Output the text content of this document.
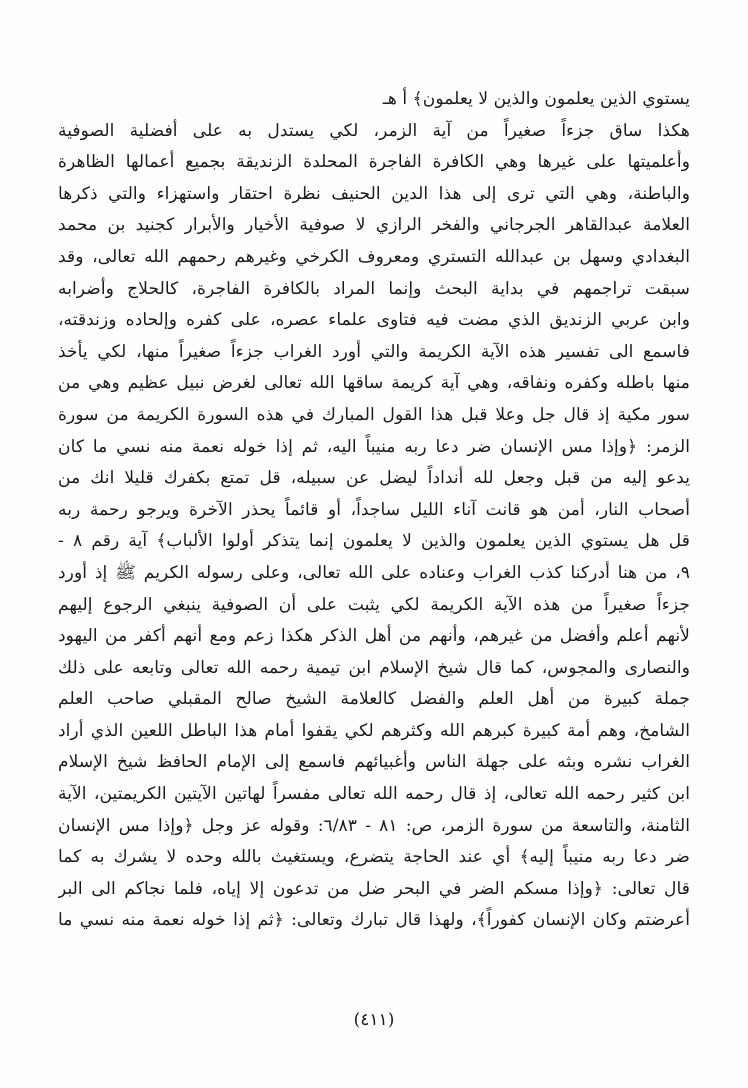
يستوي الذين يعلمون والذين لا يعلمون﴾ أ هـ
هكذا ساق جزءاً صغيراً من آية الزمر، لكي يستدل به على أفضلية الصوفية
وأعلميتها على غيرها وهي الكافرة الفاجرة المحلدة الزنديقة بجميع أعمالها الظاهرة
والباطنة، وهي التي ترى إلى هذا الدين الحنيف نظرة احتقار واستهزاء والتي ذكرها
العلامة عبدالقاهر الجرجاني والفخر الرازي لا صوفية الأخيار والأبرار كجنيد بن محمد
البغدادي وسهل بن عبدالله التستري ومعروف الكرخي وغيرهم رحمهم الله تعالى، وقد
سبقت تراجمهم في بداية البحث وإنما المراد بالكافرة الفاجرة، كالحلاج وأضرابه
وابن عربي الزنديق الذي مضت فيه فتاوى علماء عصره، على كفره وإلحاده وزندقته،
فاسمع الى تفسير هذه الآية الكريمة والتي أورد الغراب جزءاً صغيراً منها، لكي يأخذ
منها باطله وكفره ونفاقه، وهي آية كريمة ساقها الله تعالى لغرض نبيل عظيم وهي من
سور مكية إذ قال جل وعلا قبل هذا القول المبارك في هذه السورة الكريمة من سورة
الزمر: ﴿وإذا مس الإنسان ضر دعا ربه منيباً اليه، ثم إذا خوله نعمة منه نسي ما كان
يدعو إليه من قبل وجعل لله أنداداً ليضل عن سبيله، قل تمتع بكفرك قليلا انك من
أصحاب النار، أمن هو قانت آناء الليل ساجداً، أو قائماً يحذر الآخرة ويرجو رحمة ربه
قل هل يستوي الذين يعلمون والذين لا يعلمون إنما يتذكر أولوا الألباب﴾ آية رقم ٨ -
٩، من هنا أدركنا كذب الغراب وعناده على الله تعالى، وعلى رسوله الكريم ﷺ إذ أورد
جزءاً صغيراً من هذه الآية الكريمة لكي يثبت على أن الصوفية ينبغي الرجوع إليهم
لأنهم أعلم وأفضل من غيرهم، وأنهم من أهل الذكر هكذا زعم ومع أنهم أكفر من اليهود
والنصارى والمجوس، كما قال شيخ الإسلام ابن تيمية رحمه الله تعالى وتابعه على ذلك
جملة كبيرة من أهل العلم والفضل كالعلامة الشيخ صالح المقبلي صاحب العلم
الشامخ، وهم أمة كبيرة كبرهم الله وكثرهم لكي يقفوا أمام هذا الباطل اللعين الذي أراد
الغراب نشره وبثه على جهلة الناس وأغبيائهم فاسمع إلى الإمام الحافظ شيخ الإسلام
ابن كثير رحمه الله تعالى، إذ قال رحمه الله تعالى مفسراً لهاتين الآيتين الكريمتين، الآية
الثامنة، والتاسعة من سورة الزمر، ص: ٨١ - ٦/٨٣: وقوله عز وجل ﴿وإذا مس الإنسان
ضر دعا ربه منيباً إليه﴾ أي عند الحاجة يتضرع، ويستغيث بالله وحده لا يشرك به كما
قال تعالى: ﴿وإذا مسكم الضر في البحر ضل من تدعون إلا إياه، فلما نجاكم الى البر
أعرضتم وكان الإنسان كفوراً﴾، ولهذا قال تبارك وتعالى: ﴿ثم إذا خوله نعمة منه نسي ما
(٤١١)
